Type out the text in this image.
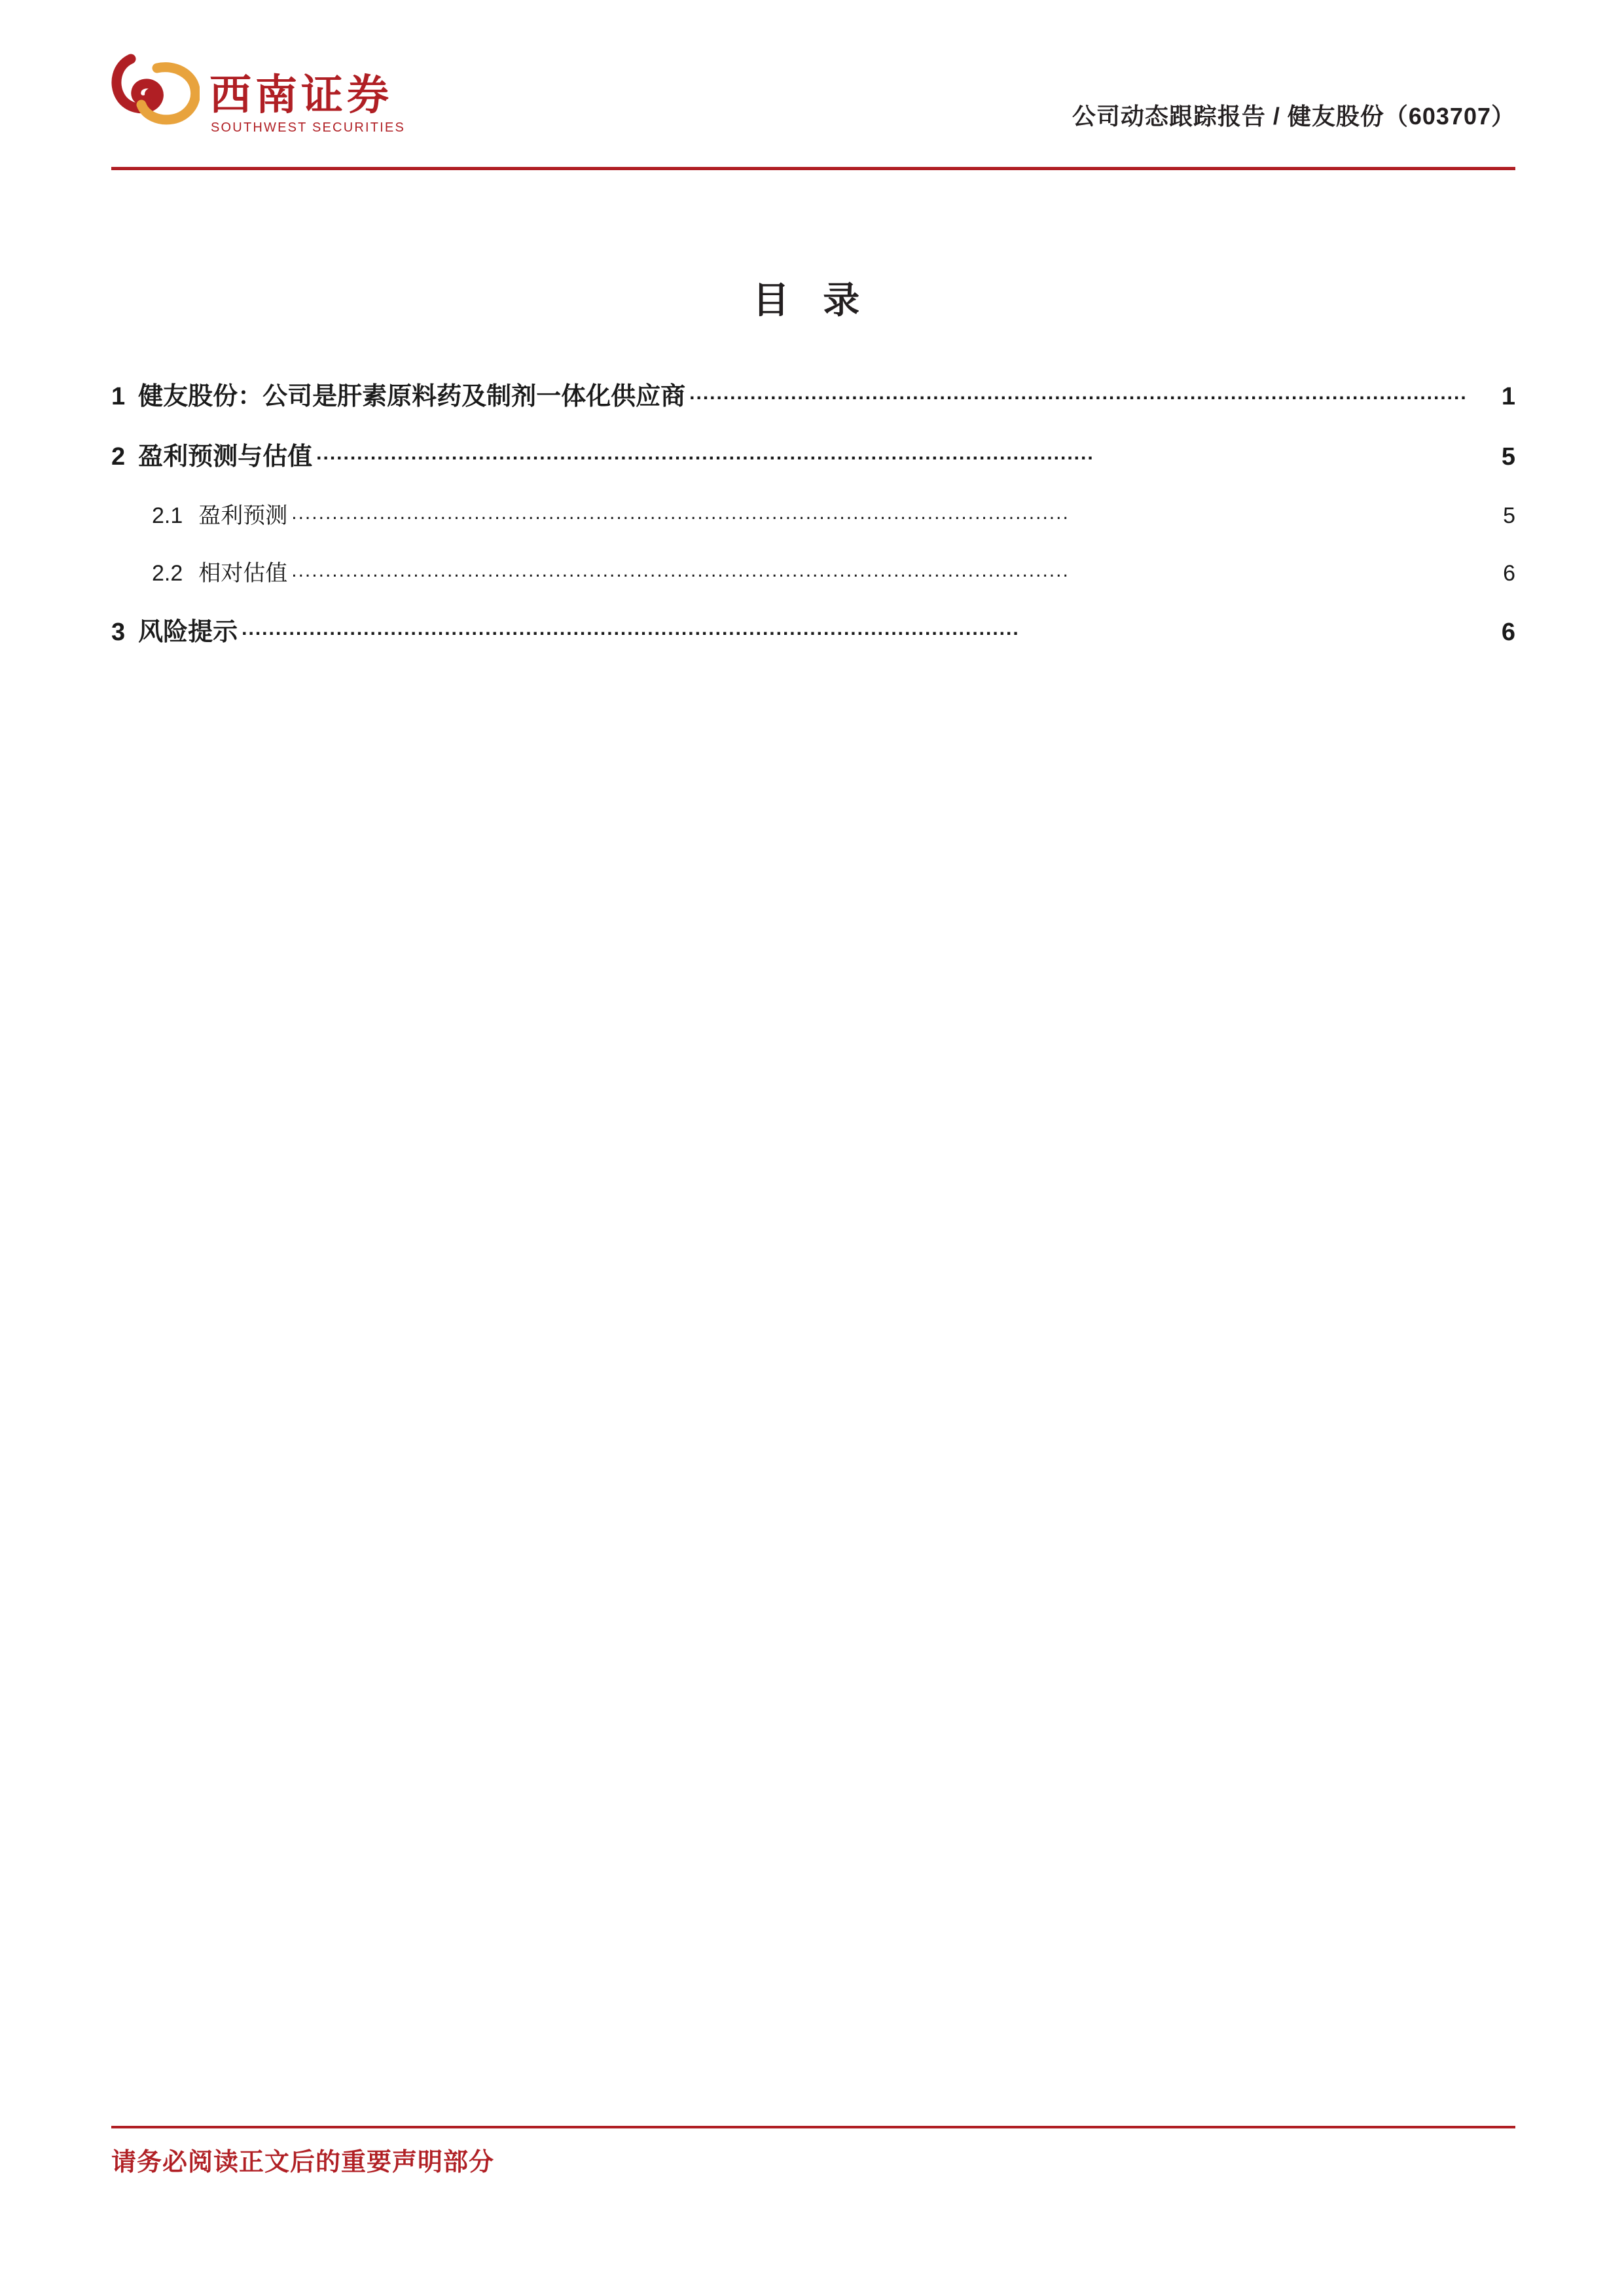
西南证券
SOUTHWEST SECURITIES	公司动态跟踪报告 / 健友股份（603707）
目 录
1 健友股份：公司是肝素原料药及制剂一体化供应商 ...................................................................................................................	1
2 盈利预测与估值 ...................................................................................................................	5
2.1 盈利预测 ...................................................................................................................	5
2.2 相对估值 ...................................................................................................................	6
3 风险提示 ...................................................................................................................	6
请务必阅读正文后的重要声明部分
